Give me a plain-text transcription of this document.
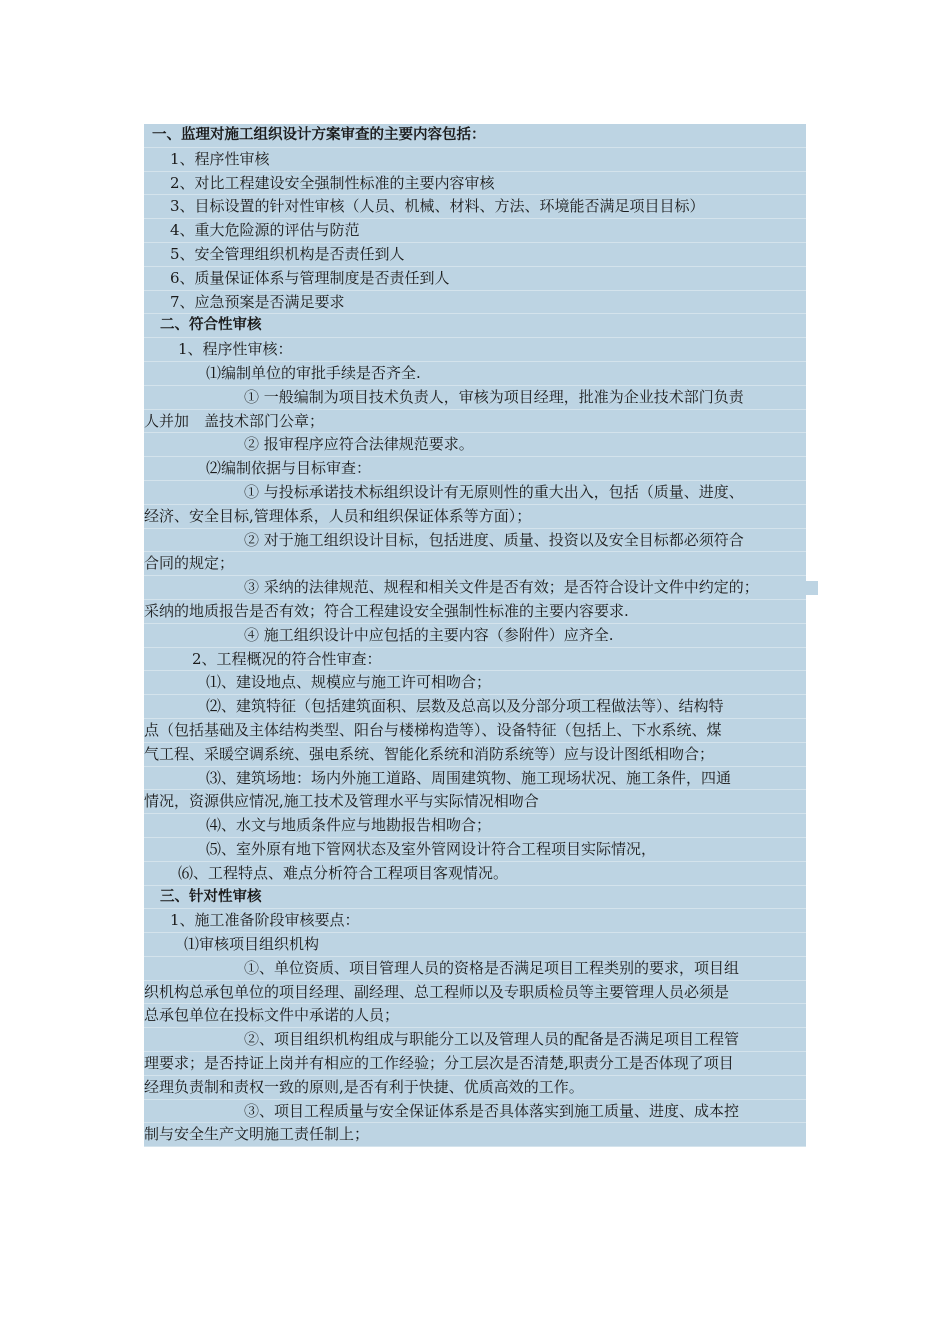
一、监理对施工组织设计方案审查的主要内容包括：
1、程序性审核
2、对比工程建设安全强制性标准的主要内容审核
3、目标设置的针对性审核（人员、机械、材料、方法、环境能否满足项目目标）
4、重大危险源的评估与防范
5、安全管理组织机构是否责任到人
6、质量保证体系与管理制度是否责任到人
7、应急预案是否满足要求
二、符合性审核
1、程序性审核：
⑴编制单位的审批手续是否齐全.
① 一般编制为项目技术负责人，审核为项目经理，批准为企业技术部门负责
人并加　盖技术部门公章；
② 报审程序应符合法律规范要求。
⑵编制依据与目标审查：
① 与投标承诺技术标组织设计有无原则性的重大出入，包括（质量、进度、
经济、安全目标,管理体系，人员和组织保证体系等方面）；
② 对于施工组织设计目标，包括进度、质量、投资以及安全目标都必须符合
合同的规定；
③ 采纳的法律规范、规程和相关文件是否有效；是否符合设计文件中约定的；
采纳的地质报告是否有效；符合工程建设安全强制性标准的主要内容要求.
④ 施工组织设计中应包括的主要内容（参附件）应齐全.
2、工程概况的符合性审查：
⑴、建设地点、规模应与施工许可相吻合；
⑵、建筑特征（包括建筑面积、层数及总高以及分部分项工程做法等）、结构特
点（包括基础及主体结构类型、阳台与楼梯构造等）、设备特征（包括上、下水系统、煤
气工程、采暖空调系统、强电系统、智能化系统和消防系统等）应与设计图纸相吻合；
⑶、建筑场地：场内外施工道路、周围建筑物、施工现场状况、施工条件，四通
情况，资源供应情况,施工技术及管理水平与实际情况相吻合
⑷、水文与地质条件应与地勘报告相吻合；
⑸、室外原有地下管网状态及室外管网设计符合工程项目实际情况，
⑹、工程特点、难点分析符合工程项目客观情况。
三、针对性审核
1、施工准备阶段审核要点：
⑴审核项目组织机构
①、单位资质、项目管理人员的资格是否满足项目工程类别的要求，项目组
织机构总承包单位的项目经理、副经理、总工程师以及专职质检员等主要管理人员必须是
总承包单位在投标文件中承诺的人员；
②、项目组织机构组成与职能分工以及管理人员的配备是否满足项目工程管
理要求；是否持证上岗并有相应的工作经验；分工层次是否清楚,职责分工是否体现了项目
经理负责制和责权一致的原则,是否有利于快捷、优质高效的工作。
③、项目工程质量与安全保证体系是否具体落实到施工质量、进度、成本控
制与安全生产文明施工责任制上；
